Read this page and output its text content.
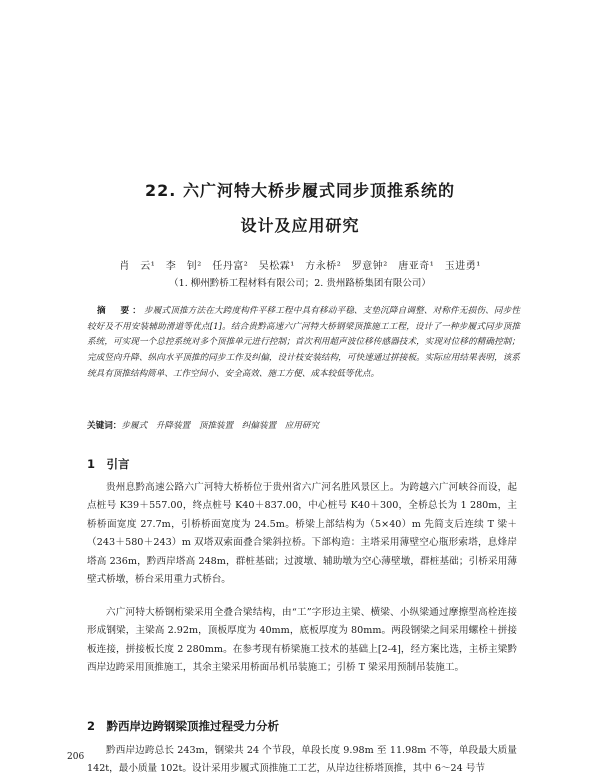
22. 六广河特大桥步履式同步顶推系统的
设计及应用研究
肖　云¹　李　钊²　任丹富²　吴松霖¹　方永桥²　罗意钟²　唐亚奇¹　玉进勇¹
（1. 柳州黔桥工程材料有限公司；2. 贵州路桥集团有限公司）

摘　要：步履式顶推方法在大跨度构件平移工程中具有移动平稳、支垫沉降自调整、对称件无损伤、同步性较好及不用安装辅助滑道等优点[1]。结合贵黔高速六广河特大桥钢梁顶推施工工程，设计了一种步履式同步顶推系统，可实现一个总控系统对多个顶推单元进行控制；首次利用超声波位移传感器技术，实现对位移的精确控制；完成竖向升降、纵向水平顶推的同步工作及纠偏，设计枝安装结构，可快速通过拼接板。实际应用结果表明，该系统具有顶推结构简单、工作空间小、安全高效、施工方便、成本较低等优点。

关键词：步履式　升降装置　顶推装置　纠偏装置　应用研究
1　引言

贵州息黔高速公路六广河特大桥桥位于贵州省六广河名胜风景区上。为跨越六广河峡谷而设，起点桩号 K39＋557.00，终点桩号 K40＋837.00，中心桩号 K40＋300，全桥总长为 1 280m，主桥桥面宽度 27.7m，引桥桥面宽度为 24.5m。桥梁上部结构为（5×40）m 先简支后连续 T 梁＋（243＋580＋243）m 双塔双索面叠合梁斜拉桥。下部构造：主塔采用薄壁空心瓶形索塔，息烽岸塔高 236m，黔西岸塔高 248m，群桩基础；过渡墩、辅助墩为空心薄壁墩，群桩基础；引桥采用薄壁式桥墩，桥台采用重力式桥台。

六广河特大桥钢桁梁采用全叠合梁结构，由“工”字形边主梁、横梁、小纵梁通过摩擦型高栓连接形成钢梁，主梁高 2.92m，顶板厚度为 40mm，底板厚度为 80mm。两段钢梁之间采用螺栓＋拼接板连接，拼接板长度 2 280mm。在参考现有桥梁施工技术的基础上[2-4]，经方案比选，主桥主梁黔西岸边跨采用顶推施工，其余主梁采用桥面吊机吊装施工；引桥 T 梁采用预制吊装施工。

2　黔西岸边跨钢梁顶推过程受力分析

黔西岸边跨总长 243m，钢梁共 24 个节段，单段长度 9.98m 至 11.98m 不等，单段最大质量 142t，最小质量 102t。设计采用步履式顶推施工工艺，从岸边往桥塔顶推，其中 6～24 号节

206
